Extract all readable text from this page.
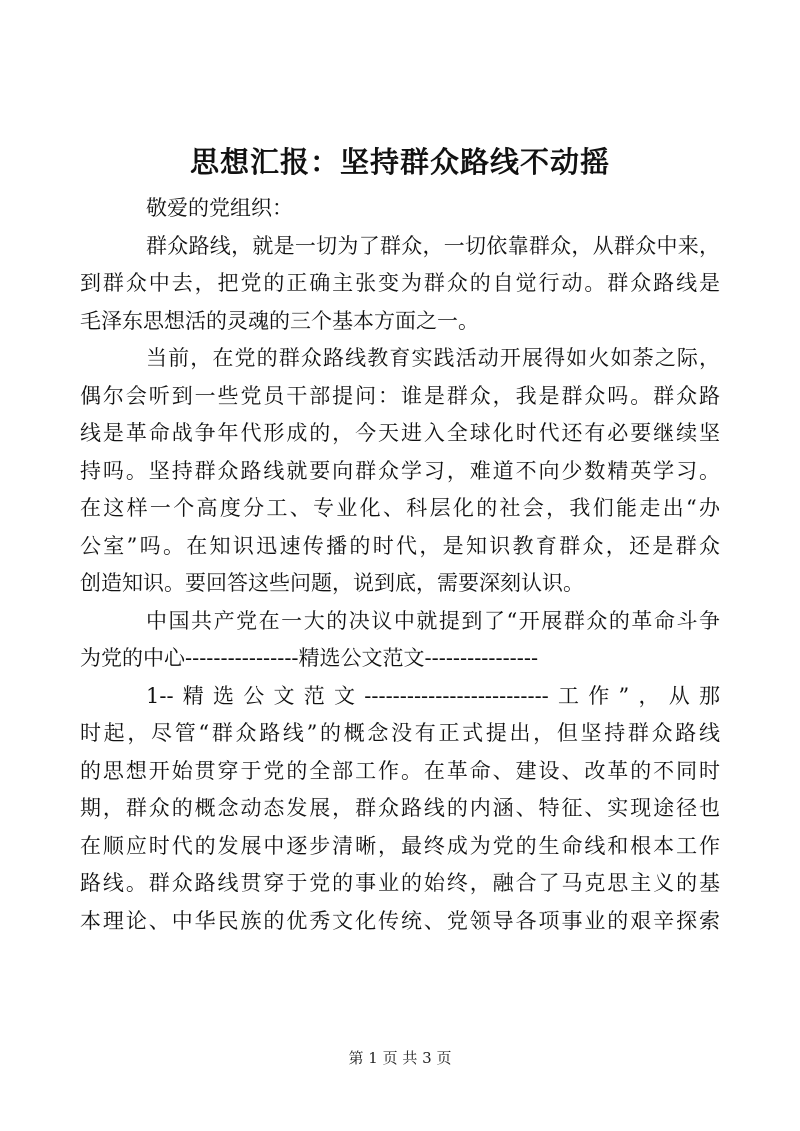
思想汇报：坚持群众路线不动摇
敬爱的党组织：
群众路线，就是一切为了群众，一切依靠群众，从群众中来，
到群众中去，把党的正确主张变为群众的自觉行动。群众路线是
毛泽东思想活的灵魂的三个基本方面之一。
当前，在党的群众路线教育实践活动开展得如火如荼之际，
偶尔会听到一些党员干部提问：谁是群众，我是群众吗。群众路
线是革命战争年代形成的，今天进入全球化时代还有必要继续坚
持吗。坚持群众路线就要向群众学习，难道不向少数精英学习。
在这样一个高度分工、专业化、科层化的社会，我们能走出“办
公室”吗。在知识迅速传播的时代，是知识教育群众，还是群众
创造知识。要回答这些问题，说到底，需要深刻认识。
中国共产党在一大的决议中就提到了“开展群众的革命斗争
为党的中心----------------精选公文范文----------------
1--精选公文范文--------------------------工作”，从那
时起，尽管“群众路线”的概念没有正式提出，但坚持群众路线
的思想开始贯穿于党的全部工作。在革命、建设、改革的不同时
期，群众的概念动态发展，群众路线的内涵、特征、实现途径也
在顺应时代的发展中逐步清晰，最终成为党的生命线和根本工作
路线。群众路线贯穿于党的事业的始终，融合了马克思主义的基
本理论、中华民族的优秀文化传统、党领导各项事业的艰辛探索
第 1 页 共 3 页
